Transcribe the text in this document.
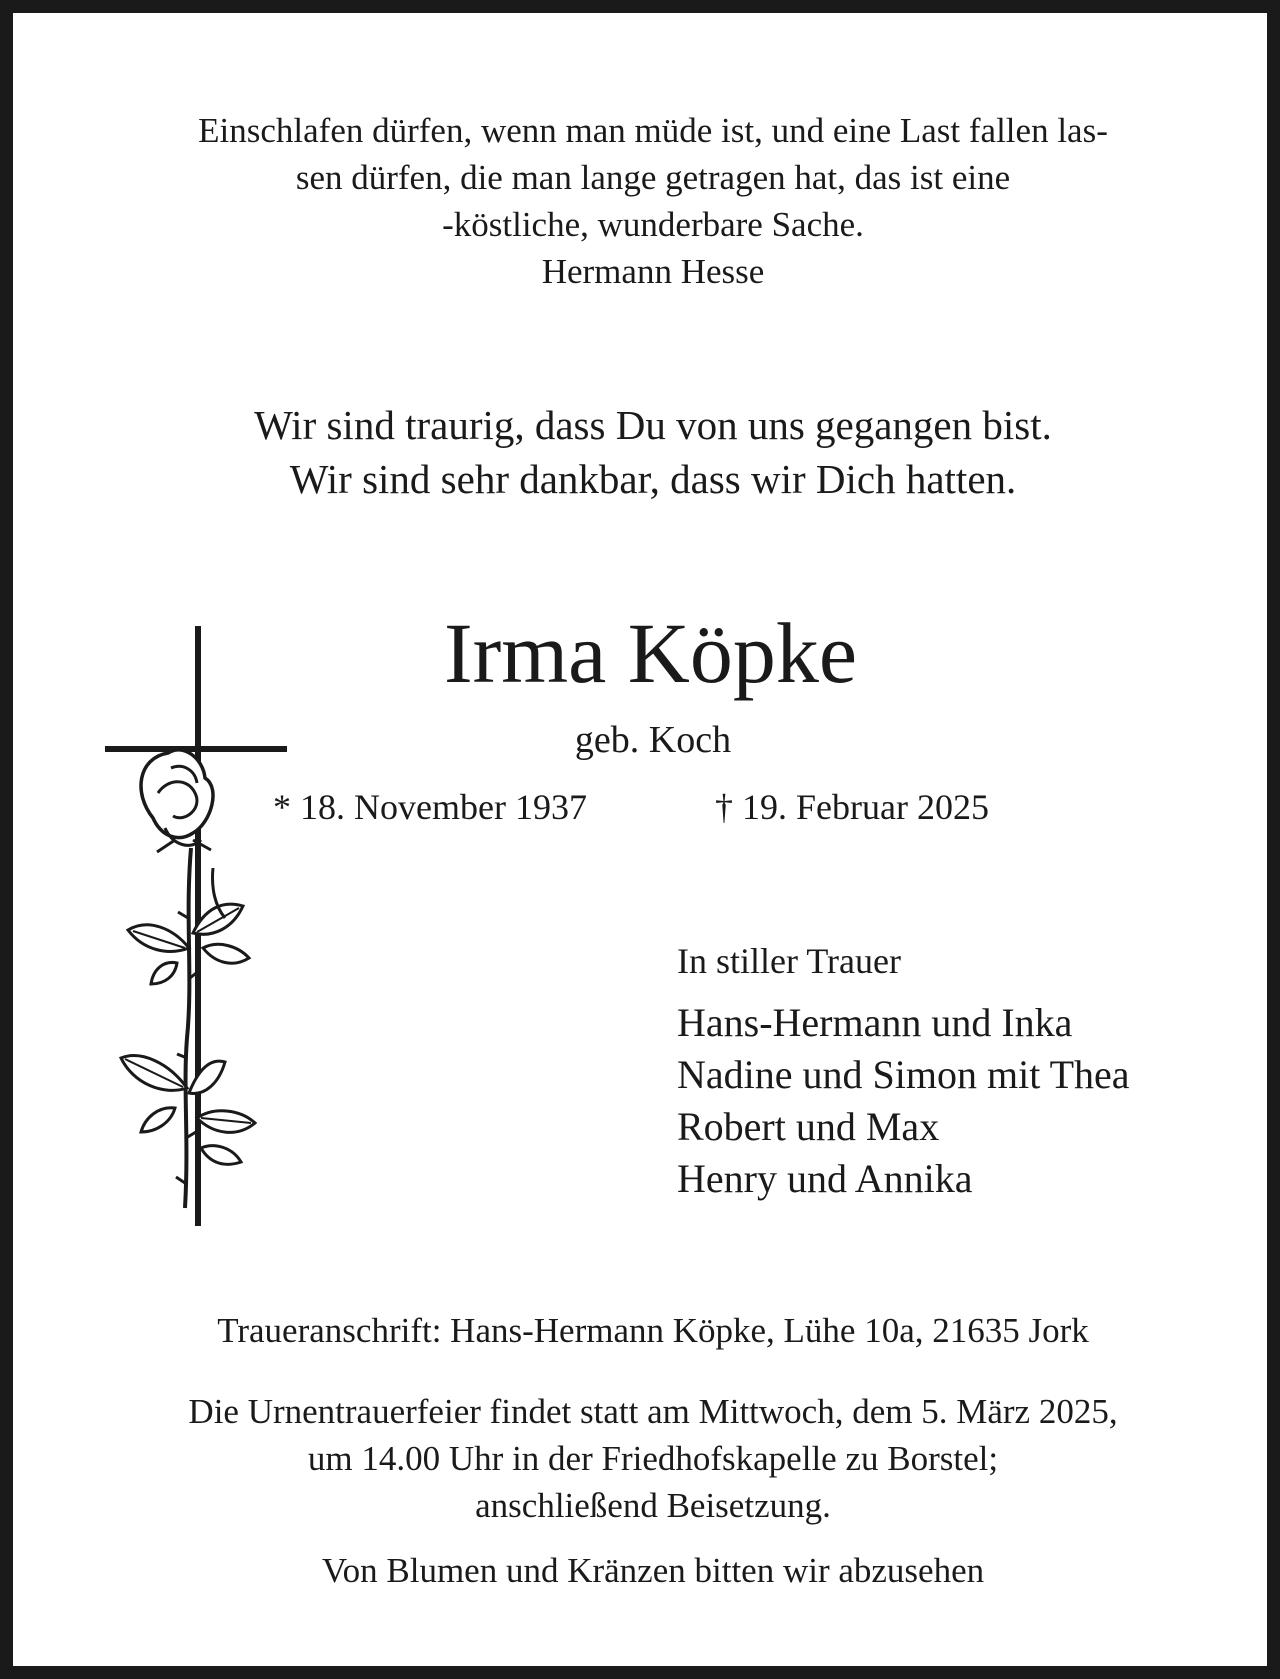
Einschlafen dürfen, wenn man müde ist, und eine Last fallen las-
sen dürfen, die man lange getragen hat, das ist eine
-köstliche, wunderbare Sache.
Hermann Hesse
Wir sind traurig, dass Du von uns gegangen bist.
Wir sind sehr dankbar, dass wir Dich hatten.
Irma Köpke
geb. Koch
* 18. November 1937	† 19. Februar 2025
In stiller Trauer
Hans-Hermann und Inka
Nadine und Simon mit Thea
Robert und Max
Henry und Annika
Traueranschrift: Hans-Hermann Köpke, Lühe 10a, 21635 Jork
Die Urnentrauerfeier findet statt am Mittwoch, dem 5. März 2025,
um 14.00 Uhr in der Friedhofskapelle zu Borstel;
anschließend Beisetzung.
Von Blumen und Kränzen bitten wir abzusehen
